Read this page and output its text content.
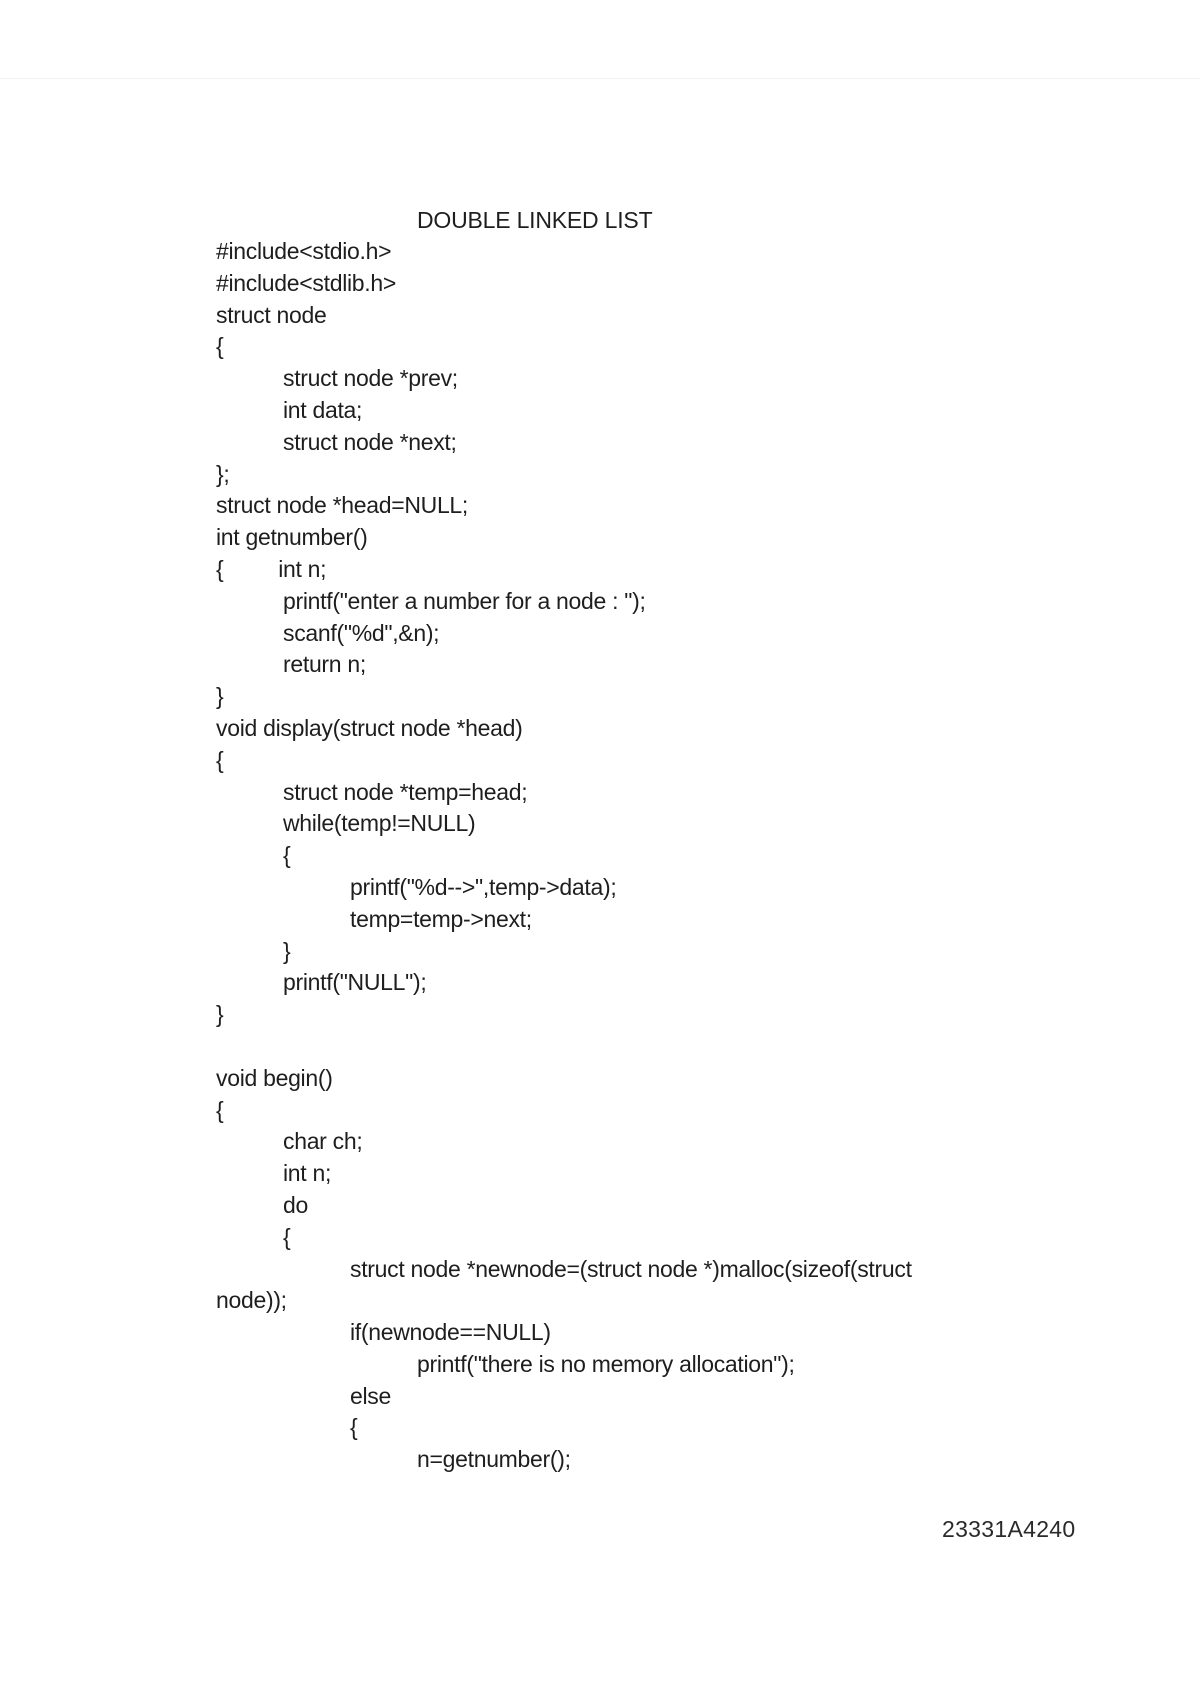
DOUBLE LINKED LIST
#include<stdio.h>
#include<stdlib.h>
struct node
{
struct node *prev;
int data;
struct node *next;
};
struct node *head=NULL;
int getnumber()
{         int n;
printf("enter a number for a node : ");
scanf("%d",&n);
return n;
}
void display(struct node *head)
{
struct node *temp=head;
while(temp!=NULL)
{
printf("%d-->",temp->data);
temp=temp->next;
}
printf("NULL");
}
void begin()
{
char ch;
int n;
do
{
struct node *newnode=(struct node *)malloc(sizeof(struct
node));
if(newnode==NULL)
printf("there is no memory allocation");
else
{
n=getnumber();
23331A4240
